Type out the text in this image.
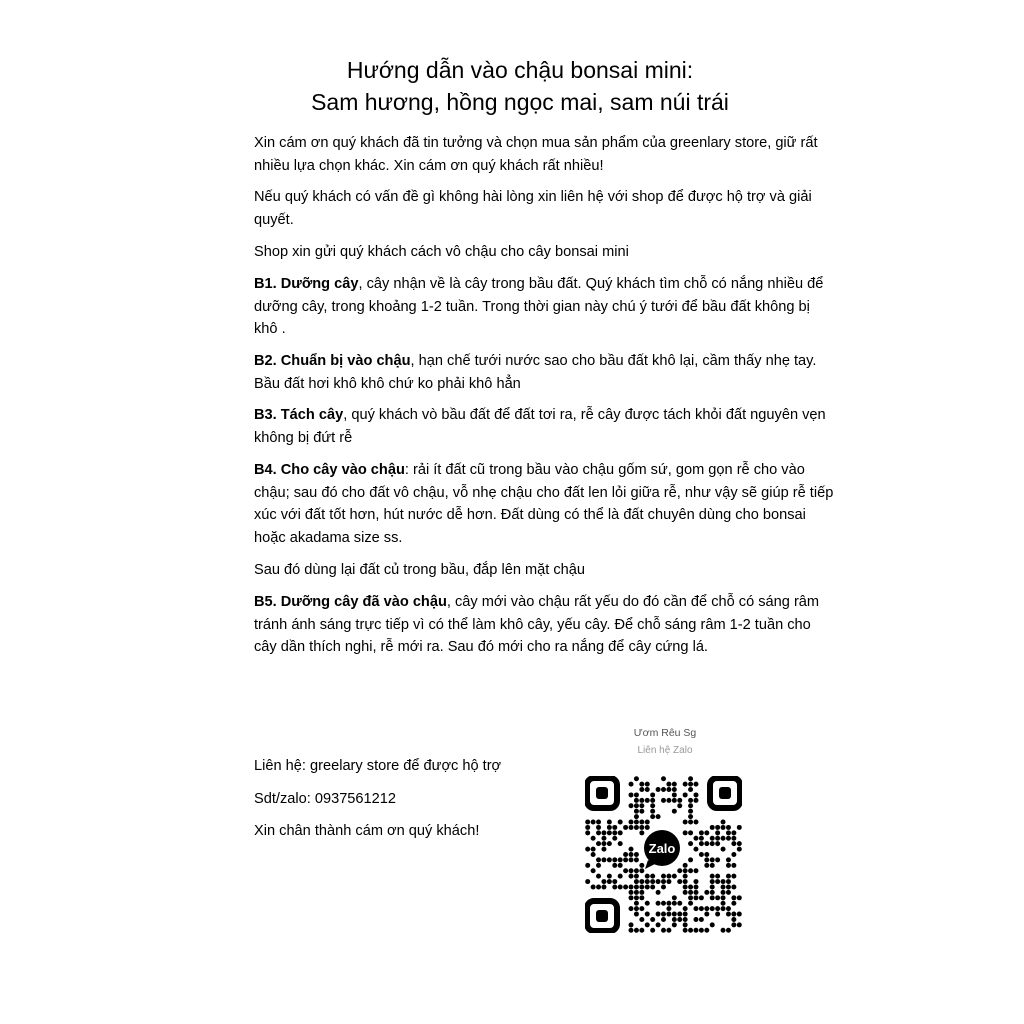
Hướng dẫn vào chậu bonsai mini:
Sam hương, hồng ngọc mai, sam núi trái

Xin cám ơn quý khách đã tin tưởng và chọn mua sản phẩm của greenlary store, giữ rất nhiều lựa chọn khác. Xin cám ơn quý khách rất nhiều!

Nếu quý khách có vấn đề gì không hài lòng xin liên hệ với shop để được hộ trợ và giải quyết.

Shop xin gửi quý khách cách vô chậu cho cây bonsai mini

B1. Dưỡng cây, cây nhận về là cây trong bầu đất. Quý khách tìm chỗ có nắng nhiều để dưỡng cây, trong khoảng 1-2 tuần. Trong thời gian này chú ý tưới để bầu đất không bị khô .

B2. Chuẩn bị vào chậu, hạn chế tưới nước sao cho bầu đất khô lại, cầm thấy nhẹ tay. Bầu đất hơi khô khô chứ ko phải khô hẳn

B3. Tách cây, quý khách vò bầu đất để đất tơi ra, rễ cây được tách khỏi đất nguyên vẹn không bị đứt rễ

B4. Cho cây vào chậu: rải ít đất cũ trong bầu vào chậu gốm sứ, gom gọn rễ cho vào chậu; sau đó cho đất vô chậu, vỗ nhẹ chậu cho đất len lỏi giữa rễ, như vậy sẽ giúp rễ tiếp xúc với đất tốt hơn, hút nước dễ hơn. Đất dùng có thể là đất chuyên dùng cho bonsai hoặc akadama size ss.

Sau đó dùng lại đất củ trong bầu, đắp lên mặt chậu

B5. Dưỡng cây đã vào chậu, cây mới vào chậu rất yếu do đó cần để chỗ có sáng râm tránh ánh sáng trực tiếp vì có thể làm khô cây, yếu cây. Để chỗ sáng râm 1-2 tuần cho cây dần thích nghi, rễ mới ra. Sau đó mới cho ra nắng để cây cứng lá.

Liên hệ: greelary store để được hộ trợ
Sdt/zalo: 0937561212
Xin chân thành cám ơn quý khách!
Ươm Rêu Sg
Liên hệ Zalo
Zalo
